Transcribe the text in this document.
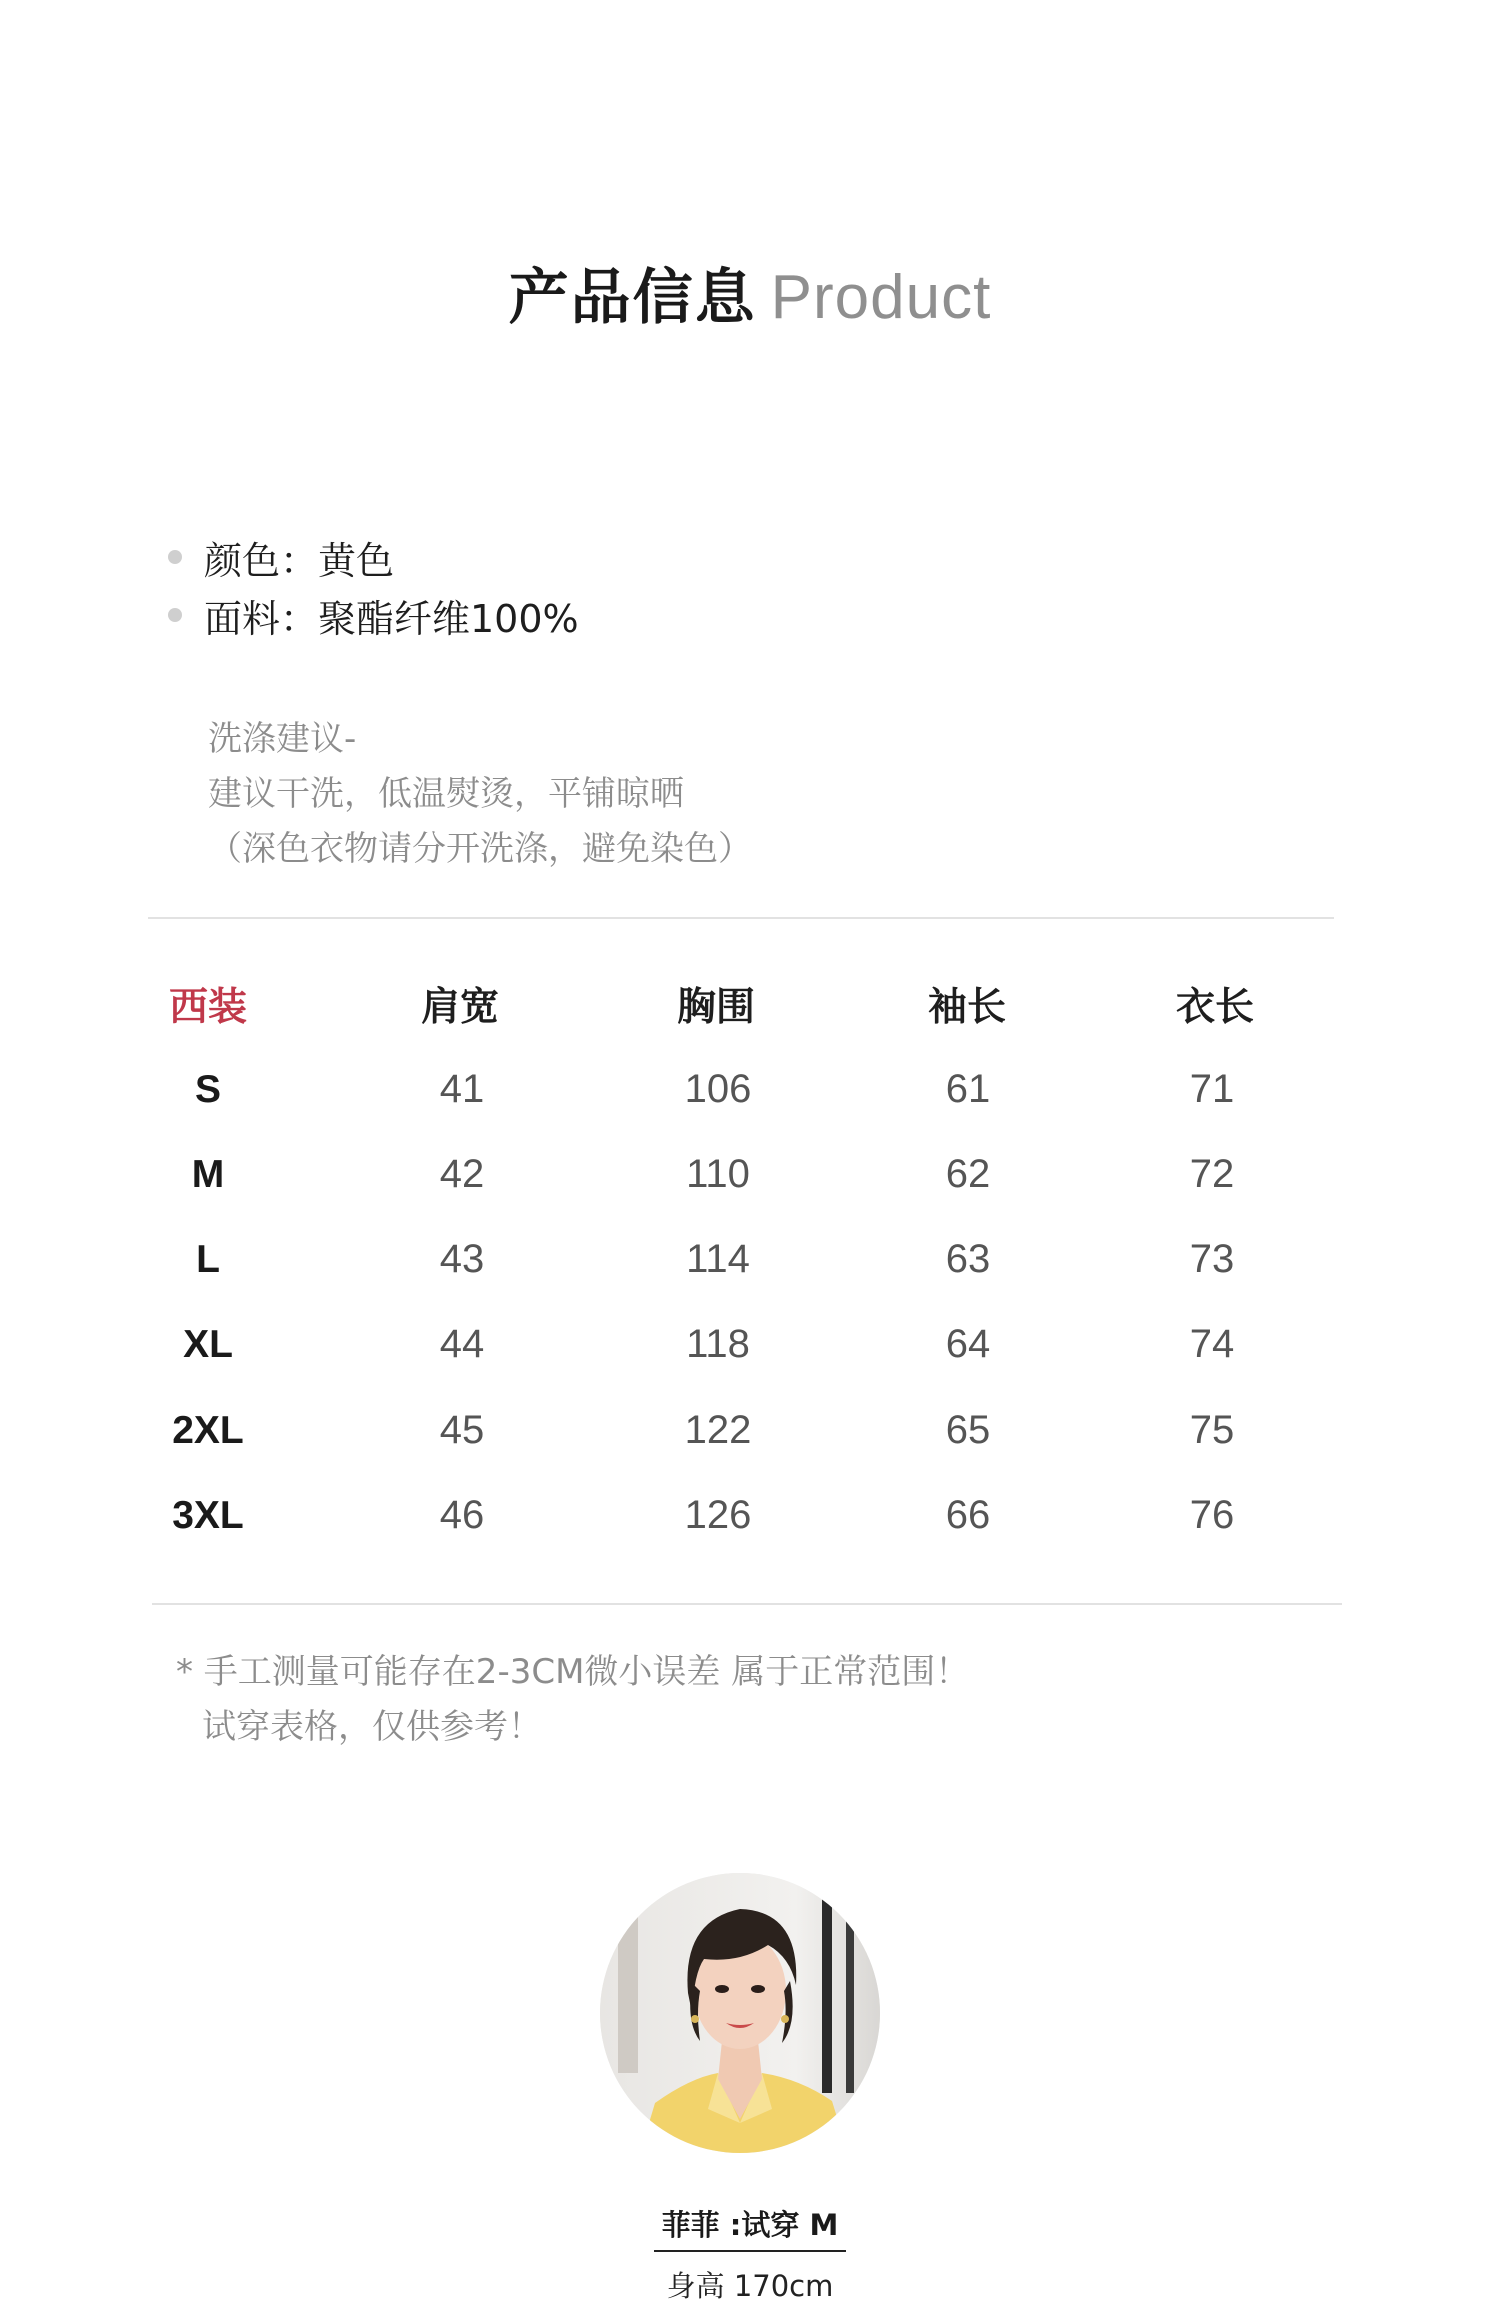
产品信息 Product
颜色：黄色
面料：聚酯纤维100%
洗涤建议-
建议干洗，低温熨烫，平铺晾晒
（深色衣物请分开洗涤，避免染色）
西装	肩宽	胸围	袖长	衣长
S	41	106	61	71
M	42	110	62	72
L	43	114	63	73
XL	44	118	64	74
2XL	45	122	65	75
3XL	46	126	66	76
* 手工测量可能存在2-3CM微小误差 属于正常范围！
试穿表格，仅供参考！
菲菲 :试穿 M
身高 170cm
